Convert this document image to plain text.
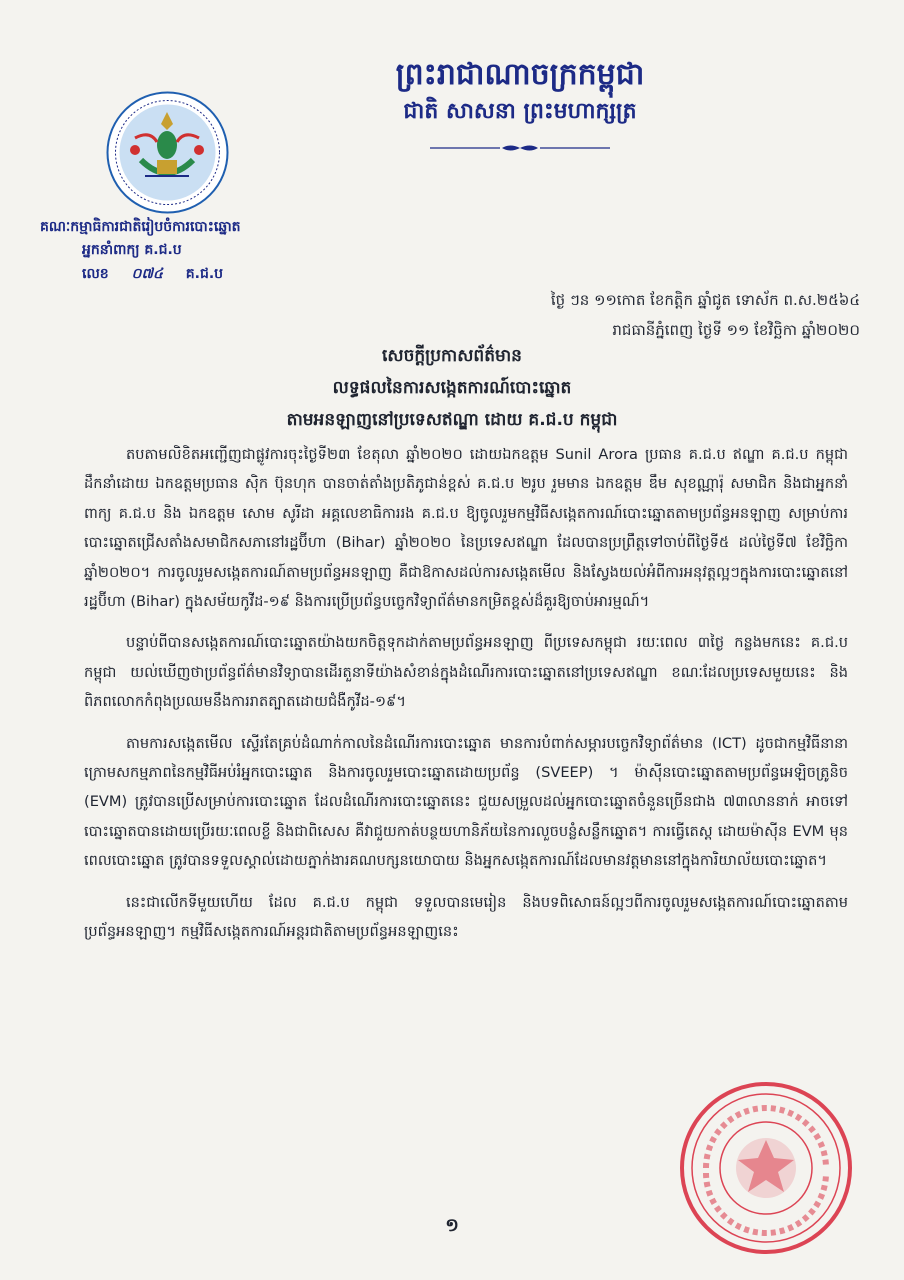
ព្រះរាជាណាចក្រកម្ពុជា
ជាតិ សាសនា ព្រះមហាក្សត្រ
គណៈកម្មាធិការជាតិរៀបចំការបោះឆ្នោត
អ្នកនាំពាក្យ គ.ជ.ប
លេខ ០៧៤ គ.ជ.ប
ថ្ងៃ ៗន ១១កោត ខែកត្តិក ឆ្នាំជូត ទោស័ក ព.ស.២៥៦៤
រាជធានីភ្នំពេញ ថ្ងៃទី ១១ ខែវិច្ឆិកា ឆ្នាំ២០២០
សេចក្តីប្រកាសព័ត៌មាន
លទ្ធផលនៃការសង្កេតការណ៍បោះឆ្នោត
តាមអនឡាញនៅប្រទេសឥណ្ឌា ដោយ គ.ជ.ប កម្ពុជា

តបតាមលិខិតអញ្ជើញជាផ្លូវការចុះថ្ងៃទី២៣ ខែតុលា ឆ្នាំ២០២០ ដោយឯកឧត្តម Sunil Arora ប្រធាន គ.ជ.ប ឥណ្ឌា គ.ជ.ប កម្ពុជា ដឹកនាំដោយ ឯកឧត្តមប្រធាន ស៊ិក ប៊ុនហុក បានចាត់តាំងប្រតិភូជាន់ខ្ពស់ គ.ជ.ប ២រូប រួមមាន ឯកឧត្តម ឌឹម សុខណ្ណារ៉ុ សមាជិក និងជាអ្នកនាំពាក្យ គ.ជ.ប និង ឯកឧត្តម សោម សូរីដា អគ្គលេខាធិការរង គ.ជ.ប ឱ្យចូលរួមកម្មវិធីសង្កេតការណ៍បោះឆ្នោតតាមប្រព័ន្ធអនឡាញ សម្រាប់ការបោះឆ្នោតជ្រើសតាំងសមាជិកសភានៅរដ្ឋប៊ីហា (Bihar) ឆ្នាំ២០២០ នៃប្រទេសឥណ្ឌា ដែលបានប្រព្រឹត្តទៅចាប់ពីថ្ងៃទី៥ ដល់ថ្ងៃទី៧ ខែវិច្ឆិកា ឆ្នាំ២០២០។ ការចូលរួមសង្កេតការណ៍តាមប្រព័ន្ធអនឡាញ គឺជាឱកាសដល់ការសង្កេតមើល និងស្វែងយល់អំពីការអនុវត្តល្អៗក្នុងការបោះឆ្នោតនៅរដ្ឋប៊ីហា (Bihar) ក្នុងសម័យកូវីដ-១៩ និងការប្រើប្រព័ន្ធបច្ចេកវិទ្យាព័ត៌មានកម្រិតខ្ពស់ដ៏គួរឱ្យចាប់អារម្មណ៍។

បន្ទាប់ពីបានសង្កេតការណ៍បោះឆ្នោតយ៉ាងយកចិត្តទុកដាក់តាមប្រព័ន្ធអនឡាញ ពីប្រទេសកម្ពុជា រយៈពេល ៣ថ្ងៃ កន្លងមកនេះ គ.ជ.ប កម្ពុជា យល់ឃើញថាប្រព័ន្ធព័ត៌មានវិទ្យាបានដើរតួនាទីយ៉ាងសំខាន់ក្នុងដំណើរការបោះឆ្នោតនៅប្រទេសឥណ្ឌា ខណៈដែលប្រទេសមួយនេះ និងពិភពលោកកំពុងប្រឈមនឹងការរាតត្បាតដោយជំងឺកូវីដ-១៩។

តាមការសង្កេតមើល ស្ទើរតែគ្រប់ដំណាក់កាលនៃដំណើរការបោះឆ្នោត មានការបំពាក់សម្ភារបច្ចេកវិទ្យាព័ត៌មាន (ICT) ដូចជាកម្មវិធីនានាក្រោមសកម្មភាពនៃកម្មវិធីអប់រំអ្នកបោះឆ្នោត និងការចូលរួមបោះឆ្នោតដោយប្រព័ន្ធ (SVEEP) ។ ម៉ាស៊ីនបោះឆ្នោតតាមប្រព័ន្ធអេឡិចត្រូនិច (EVM) ត្រូវបានប្រើសម្រាប់ការបោះឆ្នោត ដែលដំណើរការបោះឆ្នោតនេះ ជួយសម្រួលដល់អ្នកបោះឆ្នោតចំនួនច្រើនជាង ៧៣លាននាក់ អាចទៅបោះឆ្នោតបានដោយប្រើរយៈពេលខ្លី និងជាពិសេស គឺវាជួយកាត់បន្ថយហានិភ័យនៃការលួចបន្លំសន្លឹកឆ្នោត។ ការធ្វើតេស្ត ដោយម៉ាស៊ីន EVM មុនពេលបោះឆ្នោត ត្រូវបានទទួលស្គាល់ដោយភ្នាក់ងារគណបក្សនយោបាយ និងអ្នកសង្កេតការណ៍ដែលមានវត្តមាននៅក្នុងការិយាល័យបោះឆ្នោត។

នេះជាលើកទីមួយហើយ ដែល គ.ជ.ប កម្ពុជា ទទួលបានមេរៀន និងបទពិសោធន៍ល្អៗពីការចូលរួមសង្កេតការណ៍បោះឆ្នោតតាមប្រព័ន្ធអនឡាញ។ កម្មវិធីសង្កេតការណ៍អន្តរជាតិតាមប្រព័ន្ធអនឡាញនេះ

១
